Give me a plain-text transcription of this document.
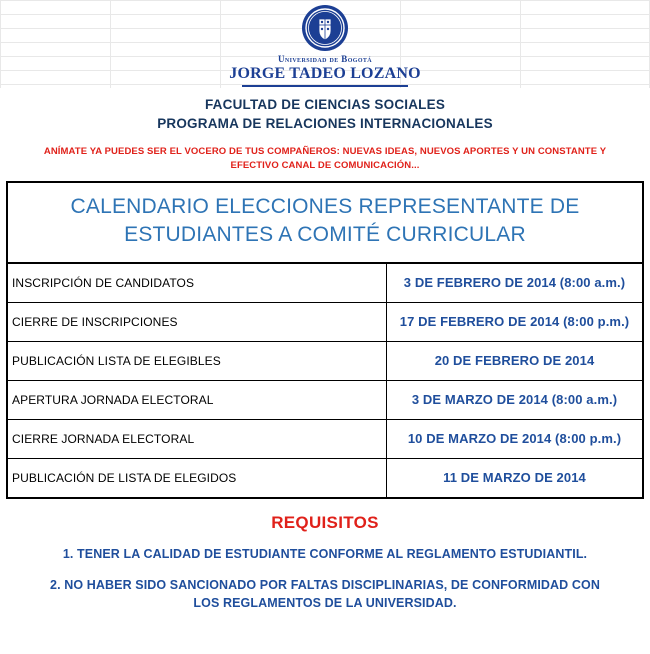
Universidad de Bogotá
JORGE TADEO LOZANO
FACULTAD DE CIENCIAS SOCIALES
PROGRAMA DE RELACIONES INTERNACIONALES
ANÍMATE YA PUEDES SER EL VOCERO DE TUS COMPAÑEROS: NUEVAS IDEAS, NUEVOS APORTES Y UN CONSTANTE Y
EFECTIVO CANAL DE COMUNICACIÓN...
CALENDARIO ELECCIONES REPRESENTANTE DE
ESTUDIANTES A COMITÉ CURRICULAR
INSCRIPCIÓN DE CANDIDATOS	3 DE FEBRERO DE 2014 (8:00 a.m.)
CIERRE DE INSCRIPCIONES	17 DE FEBRERO DE 2014 (8:00 p.m.)
PUBLICACIÓN LISTA DE ELEGIBLES	20 DE FEBRERO DE 2014
APERTURA JORNADA ELECTORAL	3 DE MARZO DE 2014 (8:00 a.m.)
CIERRE JORNADA ELECTORAL	10 DE MARZO DE 2014 (8:00 p.m.)
PUBLICACIÓN DE LISTA DE ELEGIDOS	11 DE MARZO DE 2014
REQUISITOS
1. TENER LA CALIDAD DE ESTUDIANTE CONFORME AL REGLAMENTO ESTUDIANTIL.
2. NO HABER SIDO SANCIONADO POR FALTAS DISCIPLINARIAS, DE CONFORMIDAD CON
LOS REGLAMENTOS DE LA UNIVERSIDAD.
